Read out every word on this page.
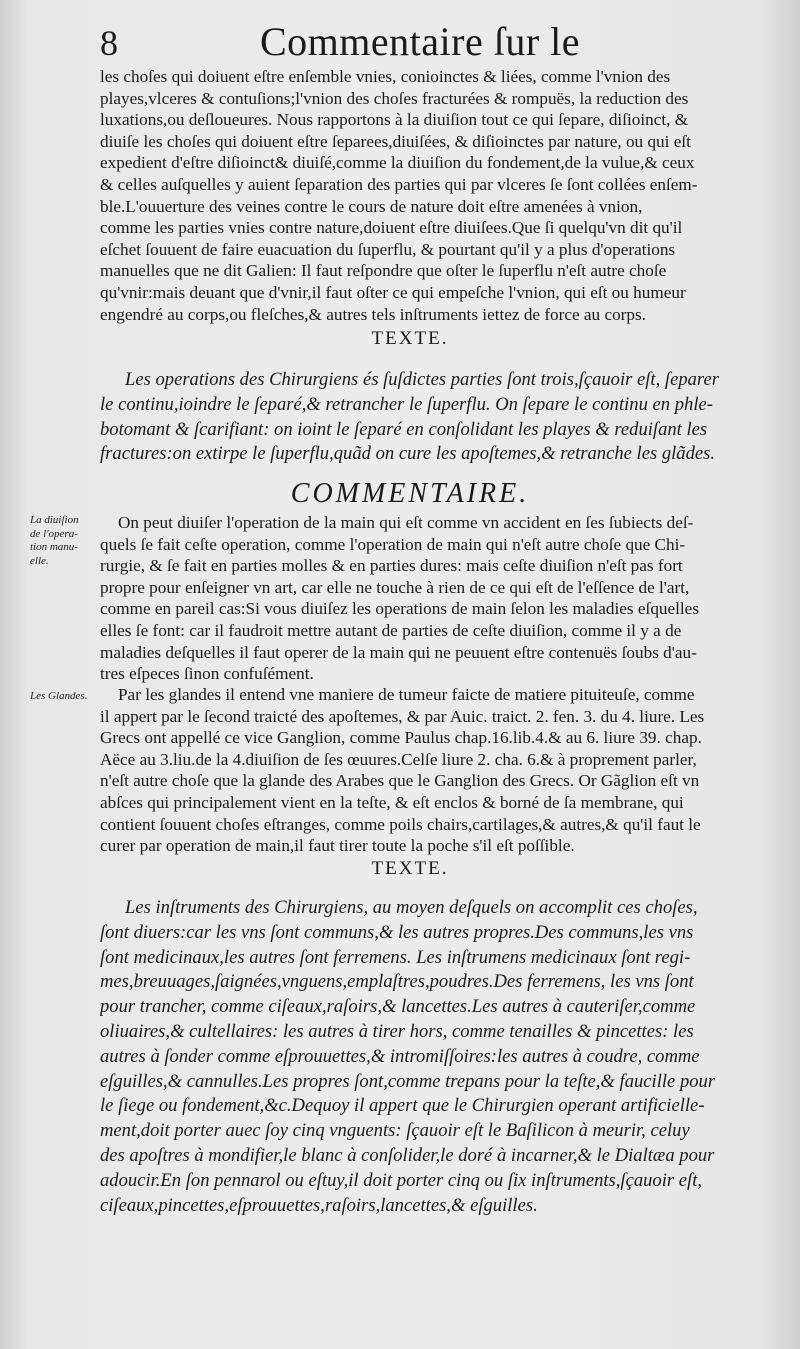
8	Commentaire ſur le
les choſes qui doiuent eſtre enſemble vnies, conioinctes & liées, comme l'vnion des
playes,vlceres & contuſions;l'vnion des choſes fracturées & rompuës, la reduction des
luxations,ou deſloueures. Nous rapportons à la diuiſion tout ce qui ſepare, diſioinct, &
diuiſe les choſes qui doiuent eſtre ſeparees,diuiſées, & diſioinctes par nature, ou qui eſt
expedient d'eſtre diſioinct& diuiſé,comme la diuiſion du fondement,de la vulue,& ceux
& celles auſquelles y auient ſeparation des parties qui par vlceres ſe ſont collées enſem-
ble.L'ouuerture des veines contre le cours de nature doit eſtre amenées à vnion,
comme les parties vnies contre nature,doiuent eſtre diuiſees.Que ſi quelqu'vn dit qu'il
eſchet ſouuent de faire euacuation du ſuperflu, & pourtant qu'il y a plus d'operations
manuelles que ne dit Galien: Il faut reſpondre que oſter le ſuperflu n'eſt autre choſe
qu'vnir:mais deuant que d'vnir,il faut oſter ce qui empeſche l'vnion, qui eſt ou humeur
engendré au corps,ou fleſches,& autres tels inſtruments iettez de force au corps.
TEXTE.
Les operations des Chirurgiens és ſuſdictes parties ſont trois,ſçauoir eſt, ſeparer
le continu,ioindre le ſeparé,& retrancher le ſuperflu. On ſepare le continu en phle-
botomant & ſcarifiant: on ioint le ſeparé en conſolidant les playes & reduiſant les
fractures:on extirpe le ſuperflu,quãd on cure les apoſtemes,& retranche les glãdes.
COMMENTAIRE.
La diuiſion
de l'opera-
tion manu-
elle.
On peut diuiſer l'operation de la main qui eſt comme vn accident en ſes ſubiects deſ-
quels ſe fait ceſte operation, comme l'operation de main qui n'eſt autre choſe que Chi-
rurgie, & ſe fait en parties molles & en parties dures: mais ceſte diuiſion n'eſt pas fort
propre pour enſeigner vn art, car elle ne touche à rien de ce qui eſt de l'eſſence de l'art,
comme en pareil cas:Si vous diuiſez les operations de main ſelon les maladies eſquelles
elles ſe font: car il faudroit mettre autant de parties de ceſte diuiſion, comme il y a de
maladies deſquelles il faut operer de la main qui ne peuuent eſtre contenuës ſoubs d'au-
tres eſpeces ſinon confuſément.
Les Glandes.	Par les glandes il entend vne maniere de tumeur faicte de matiere pituiteuſe, comme
il appert par le ſecond traicté des apoſtemes, & par Auic. traict. 2. fen. 3. du 4. liure. Les
Grecs ont appellé ce vice Ganglion, comme Paulus chap.16.lib.4.& au 6. liure 39. chap.
Aëce au 3.liu.de la 4.diuiſion de ſes œuures.Celſe liure 2. cha. 6.& à proprement parler,
n'eſt autre choſe que la glande des Arabes que le Ganglion des Grecs. Or Gãglion eſt vn
abſces qui principalement vient en la teſte, & eſt enclos & borné de ſa membrane, qui
contient ſouuent choſes eſtranges, comme poils chairs,cartilages,& autres,& qu'il faut le
curer par operation de main,il faut tirer toute la poche s'il eſt poſſible.
TEXTE.
Les inſtruments des Chirurgiens, au moyen deſquels on accomplit ces choſes,
ſont diuers:car les vns ſont communs,& les autres propres.Des communs,les vns
ſont medicinaux,les autres ſont ferremens. Les inſtrumens medicinaux ſont regi-
mes,breuuages,ſaignées,vnguens,emplaſtres,poudres.Des ferremens, les vns ſont
pour trancher, comme ciſeaux,raſoirs,& lancettes.Les autres à cauteriſer,comme
oliuaires,& cultellaires: les autres à tirer hors, comme tenailles & pincettes: les
autres à ſonder comme eſprouuettes,& intromiſſoires:les autres à coudre, comme
eſguilles,& cannulles.Les propres ſont,comme trepans pour la teſte,& faucille pour
le ſiege ou fondement,&c.Dequoy il appert que le Chirurgien operant artificielle-
ment,doit porter auec ſoy cinq vnguents: ſçauoir eſt le Baſilicon à meurir, celuy
des apoſtres à mondifier,le blanc à conſolider,le doré à incarner,& le Dialtæa pour
adoucir.En ſon pennarol ou eſtuy,il doit porter cinq ou ſix inſtruments,ſçauoir eſt,
ciſeaux,pincettes,eſprouuettes,raſoirs,lancettes,& eſguilles.
